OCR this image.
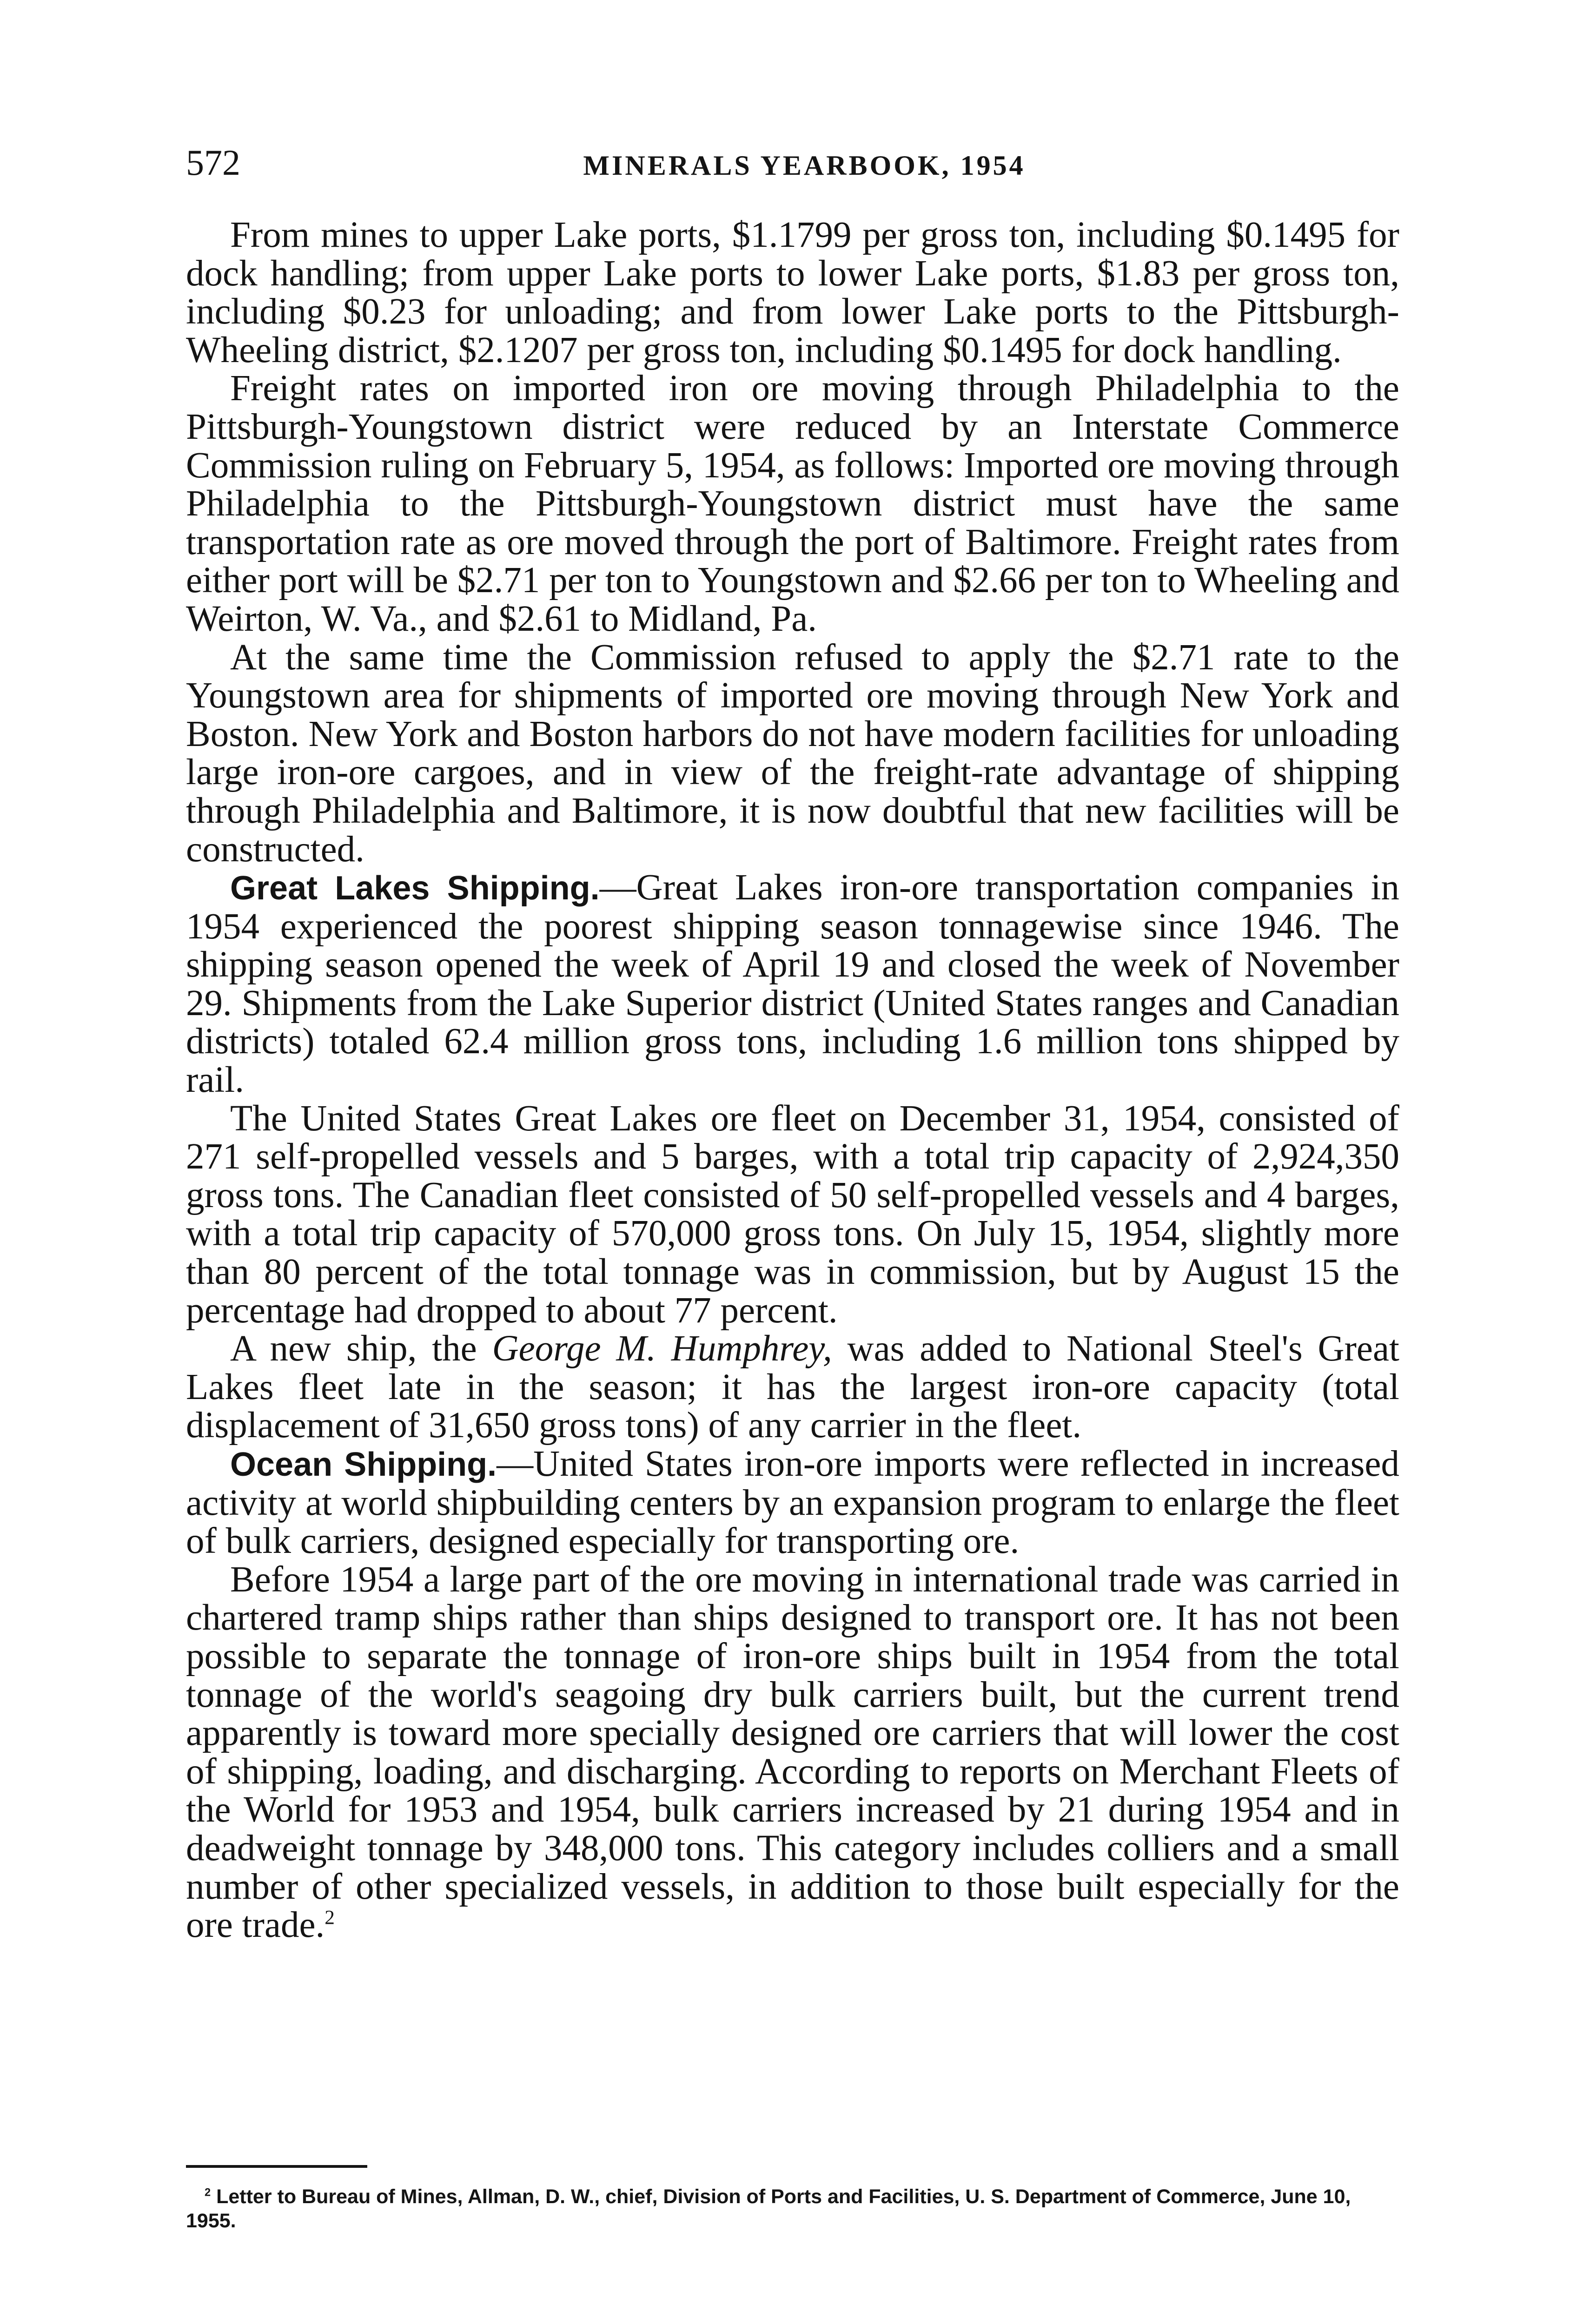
572	MINERALS YEARBOOK, 1954

From mines to upper Lake ports, $1.1799 per gross ton, including $0.1495 for dock handling; from upper Lake ports to lower Lake ports, $1.83 per gross ton, including $0.23 for unloading; and from lower Lake ports to the Pittsburgh-Wheeling district, $2.1207 per gross ton, including $0.1495 for dock handling.

Freight rates on imported iron ore moving through Philadelphia to the Pittsburgh-Youngstown district were reduced by an Interstate Commerce Commission ruling on February 5, 1954, as follows: Imported ore moving through Philadelphia to the Pittsburgh-Youngstown district must have the same transportation rate as ore moved through the port of Baltimore. Freight rates from either port will be $2.71 per ton to Youngstown and $2.66 per ton to Wheeling and Weirton, W. Va., and $2.61 to Midland, Pa.

At the same time the Commission refused to apply the $2.71 rate to the Youngstown area for shipments of imported ore moving through New York and Boston. New York and Boston harbors do not have modern facilities for unloading large iron-ore cargoes, and in view of the freight-rate advantage of shipping through Philadelphia and Baltimore, it is now doubtful that new facilities will be constructed.

Great Lakes Shipping.—Great Lakes iron-ore transportation companies in 1954 experienced the poorest shipping season tonnagewise since 1946. The shipping season opened the week of April 19 and closed the week of November 29. Shipments from the Lake Superior district (United States ranges and Canadian districts) totaled 62.4 million gross tons, including 1.6 million tons shipped by rail.

The United States Great Lakes ore fleet on December 31, 1954, consisted of 271 self-propelled vessels and 5 barges, with a total trip capacity of 2,924,350 gross tons. The Canadian fleet consisted of 50 self-propelled vessels and 4 barges, with a total trip capacity of 570,000 gross tons. On July 15, 1954, slightly more than 80 percent of the total tonnage was in commission, but by August 15 the percentage had dropped to about 77 percent.

A new ship, the George M. Humphrey, was added to National Steel's Great Lakes fleet late in the season; it has the largest iron-ore capacity (total displacement of 31,650 gross tons) of any carrier in the fleet.

Ocean Shipping.—United States iron-ore imports were reflected in increased activity at world shipbuilding centers by an expansion program to enlarge the fleet of bulk carriers, designed especially for transporting ore.

Before 1954 a large part of the ore moving in international trade was carried in chartered tramp ships rather than ships designed to transport ore. It has not been possible to separate the tonnage of iron-ore ships built in 1954 from the total tonnage of the world's seagoing dry bulk carriers built, but the current trend apparently is toward more specially designed ore carriers that will lower the cost of shipping, loading, and discharging. According to reports on Merchant Fleets of the World for 1953 and 1954, bulk carriers increased by 21 during 1954 and in deadweight tonnage by 348,000 tons. This category includes colliers and a small number of other specialized vessels, in addition to those built especially for the ore trade.$^2$

$^2$ Letter to Bureau of Mines, Allman, D. W., chief, Division of Ports and Facilities, U. S. Department of Commerce, June 10, 1955.
